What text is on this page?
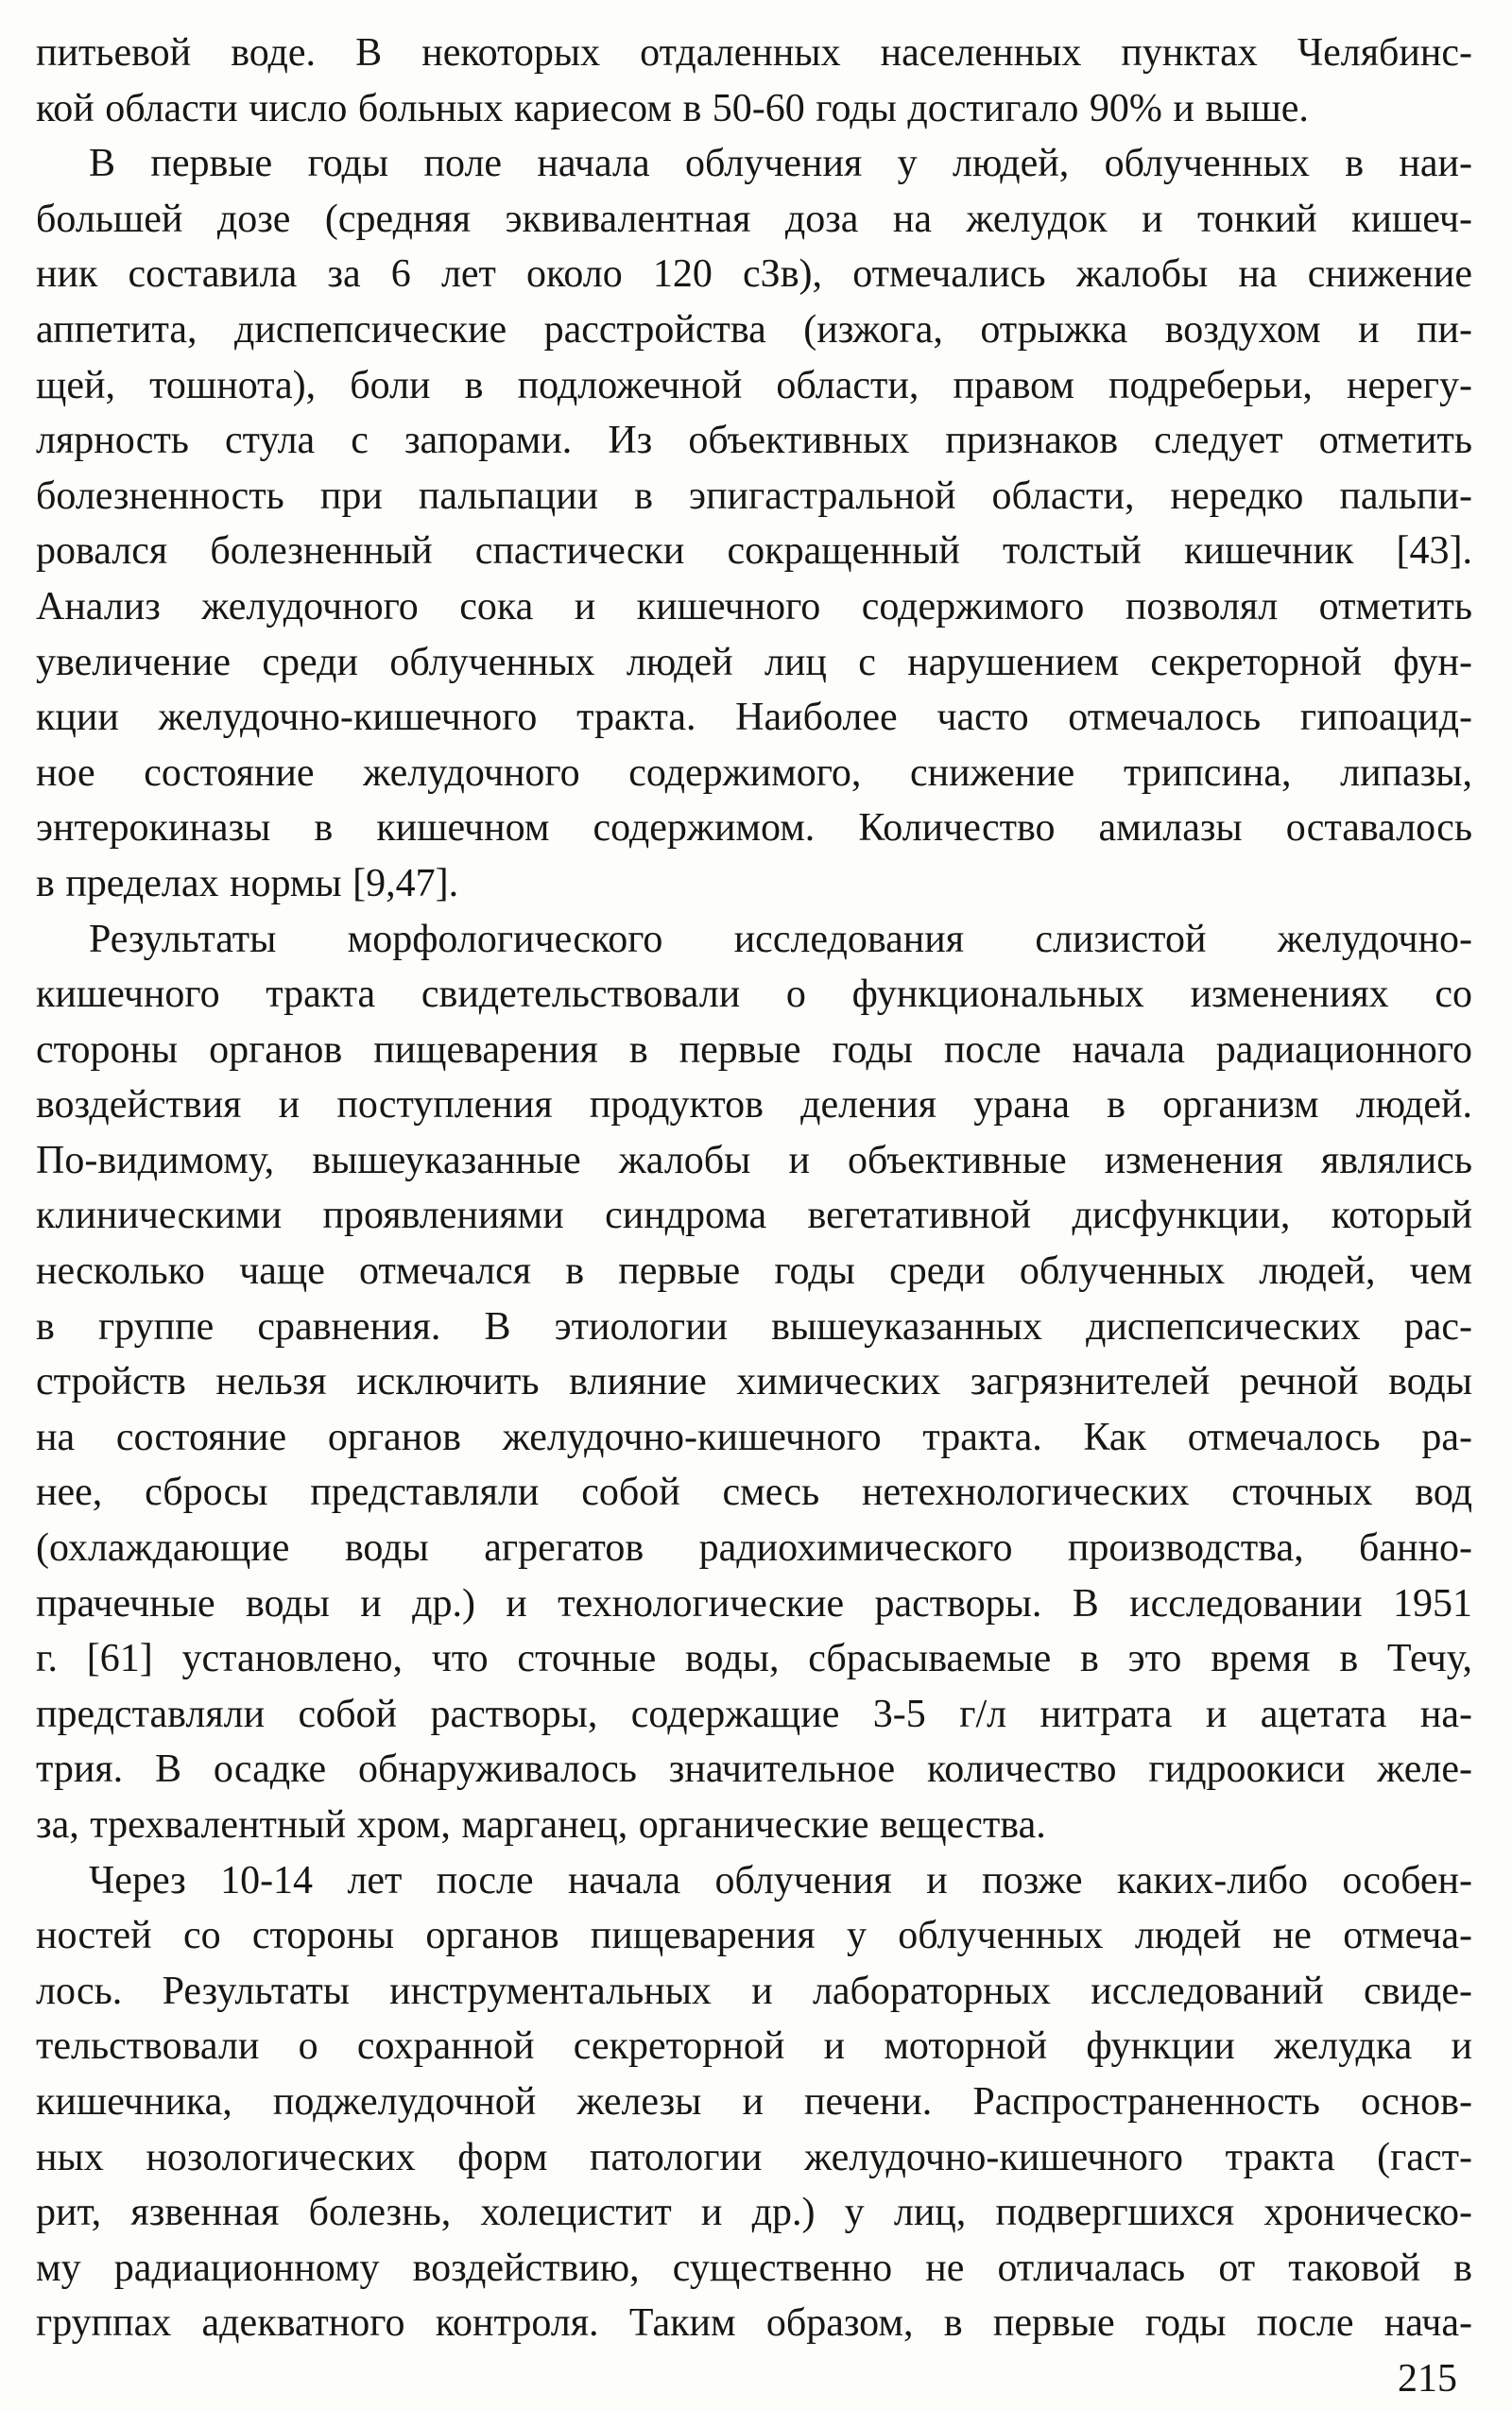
питьевой воде. В некоторых отдаленных населенных пунктах Челябинс-
кой области число больных кариесом в 50-60 годы достигало 90% и выше.
В первые годы поле начала облучения у людей, облученных в наи-
большей дозе (средняя эквивалентная доза на желудок и тонкий кишеч-
ник составила за 6 лет около 120 сЗв), отмечались жалобы на снижение
аппетита, диспепсические расстройства (изжога, отрыжка воздухом и пи-
щей, тошнота), боли в подложечной области, правом подреберьи, нерегу-
лярность стула с запорами. Из объективных признаков следует отметить
болезненность при пальпации в эпигастральной области, нередко пальпи-
ровался болезненный спастически сокращенный толстый кишечник [43].
Анализ желудочного сока и кишечного содержимого позволял отметить
увеличение среди облученных людей лиц с нарушением секреторной фун-
кции желудочно-кишечного тракта. Наиболее часто отмечалось гипоацид-
ное состояние желудочного содержимого, снижение трипсина, липазы,
энтерокиназы в кишечном содержимом. Количество амилазы оставалось
в пределах нормы [9,47].
Результаты морфологического исследования слизистой желудочно-
кишечного тракта свидетельствовали о функциональных изменениях со
стороны органов пищеварения в первые годы после начала радиационного
воздействия и поступления продуктов деления урана в организм людей.
По-видимому, вышеуказанные жалобы и объективные изменения являлись
клиническими проявлениями синдрома вегетативной дисфункции, который
несколько чаще отмечался в первые годы среди облученных людей, чем
в группе сравнения. В этиологии вышеуказанных диспепсических рас-
стройств нельзя исключить влияние химических загрязнителей речной воды
на состояние органов желудочно-кишечного тракта. Как отмечалось ра-
нее, сбросы представляли собой смесь нетехнологических сточных вод
(охлаждающие воды агрегатов радиохимического производства, банно-
прачечные воды и др.) и технологические растворы. В исследовании 1951
г. [61] установлено, что сточные воды, сбрасываемые в это время в Течу,
представляли собой растворы, содержащие 3-5 г/л нитрата и ацетата на-
трия. В осадке обнаруживалось значительное количество гидроокиси желе-
за, трехвалентный хром, марганец, органические вещества.
Через 10-14 лет после начала облучения и позже каких-либо особен-
ностей со стороны органов пищеварения у облученных людей не отмеча-
лось. Результаты инструментальных и лабораторных исследований свиде-
тельствовали о сохранной секреторной и моторной функции желудка и
кишечника, поджелудочной железы и печени. Распространенность основ-
ных нозологических форм патологии желудочно-кишечного тракта (гаст-
рит, язвенная болезнь, холецистит и др.) у лиц, подвергшихся хроническо-
му радиационному воздействию, существенно не отличалась от таковой в
группах адекватного контроля. Таким образом, в первые годы после нача-
215
